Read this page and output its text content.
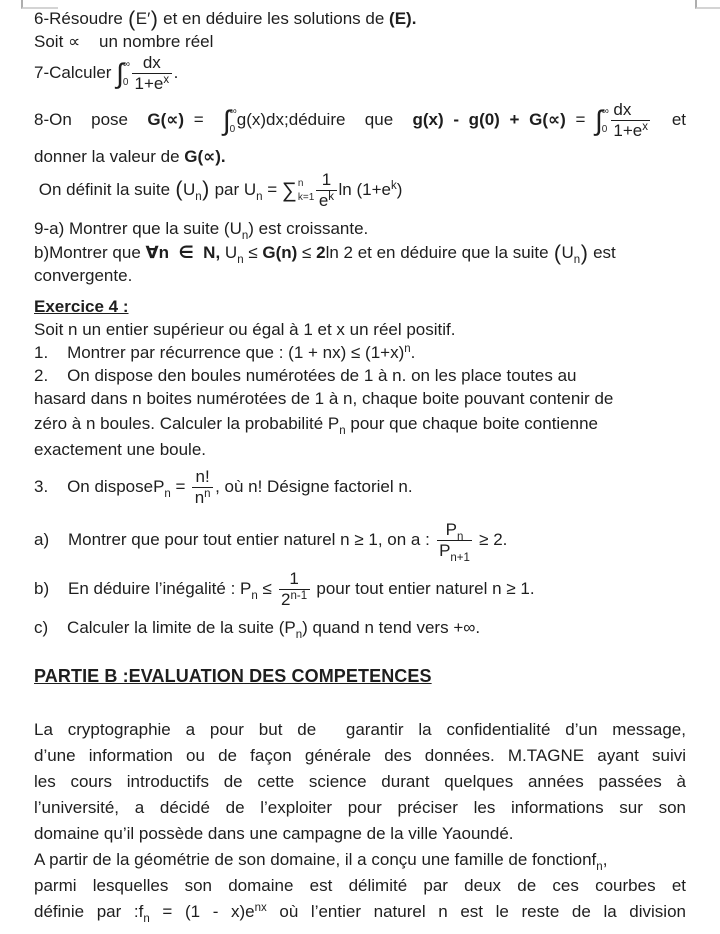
6-Résoudre (E′) et en déduire les solutions de (E).
Soit ∝    un nombre réel
7-Calculer ∫ ∞
$0 \frac{dx}{1+e^x}$ .
8-On  pose  G(∝) = ∫ ∞
0
g(x)dx;déduire  que  g(x) - g(0) + G(∝) = ∫ ∞
$0 \frac{dx}{1+e^x}$ et
donner la valeur de G(∝).
On définit la suite $(U_n)$ par $U_n$ = ∑ n
$k=1 \frac{1}{e^k}$ $\ln (1+e^k)$
9-a) Montrer que la suite $(U_n)$ est croissante.
b)Montrer que ∀n  ∈  N, $U_n \le G(n) \le 2\ln$ 2 et en déduire que la suite $(U_n)$ est
convergente.
Exercice 4 :
Soit n un entier supérieur ou égal à 1 et x un réel positif.
1.    Montrer par récurrence que : $(1 + nx) \le (1+x)^n$.
2.    On dispose den boules numérotées de 1 à n. on les place toutes au
hasard dans n boites numérotées de 1 à n, chaque boite pouvant contenir de
zéro à n boules. Calculer la probabilité $P_n$ pour que chaque boite contienne
exactement une boule.
3.    On disposeP$_n$ = $\frac{n!}{n^n}$ , où n! Désigne factoriel n.
a)    Montrer que pour tout entier naturel n ≥ 1, on a : $\frac{P_n}{P_{n+1}} \ge 2$.
b)    En déduire l’inégalité : $P_n \le \frac{1}{2^{n-1}}$ pour tout entier naturel n ≥ 1.
c)    Calculer la limite de la suite $(P_n)$ quand n tend vers +∞.
PARTIE B :EVALUATION DES COMPETENCES
La cryptographie a pour but de  garantir la confidentialité d’un message,
d’une information ou de façon générale des données. M.TAGNE ayant suivi
les cours introductifs de cette science durant quelques années passées à
l’université, a décidé de l’exploiter pour préciser les informations sur son
domaine qu’il possède dans une campagne de la ville Yaoundé.
A partir de la géométrie de son domaine, il a conçu une famille de fonctionf$_n$,
parmi lesquelles son domaine est délimité par deux de ces courbes et
définie par $:f_n = (1 - x)e^{nx}$ où l’entier naturel n est le reste de la division
